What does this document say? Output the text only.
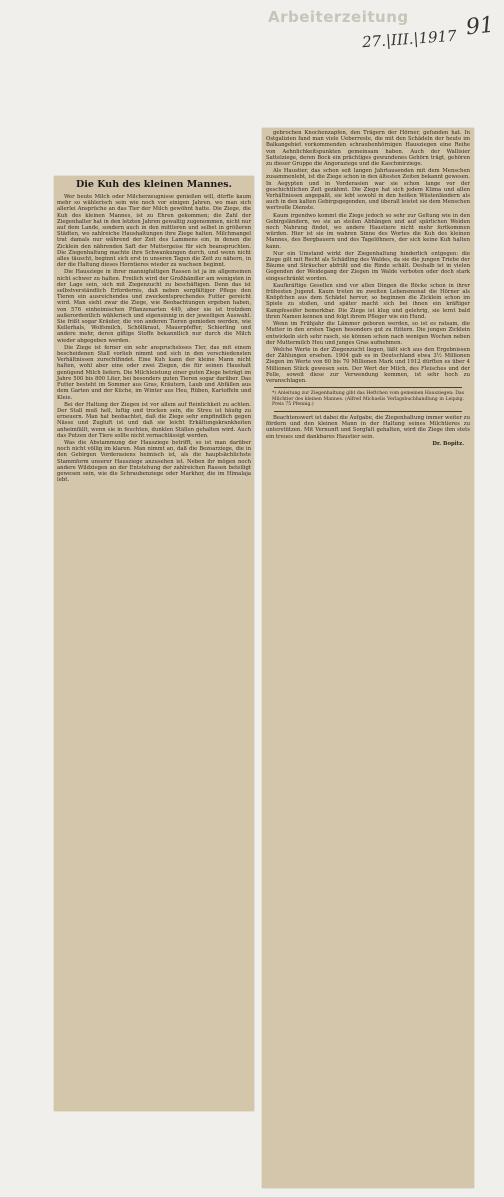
Arbeiterzeitung
27.|III.|1917 91
Die Kuh des kleinen Mannes.

Wer heute Milch oder Milcherzeugnisse genießen will, dürfte kaum mehr so wählerisch sein wie noch vor einigen Jahren, wo man sich allerlei Ansprüche an das Tier der Milch gewöhnt hatte. Die Ziege, die Kuh des kleinen Mannes, ist zu Ehren gekommen; die Zahl der Ziegenhalter hat in den letzten Jahren gewaltig zugenommen, nicht nur auf dem Lande, sondern auch in den mittleren und selbst in größeren Städten, wo zahlreiche Haushaltungen ihre Ziege halten. Milchmangel trat damals nur während der Zeit des Lammens ein, in denen die Zicklein den nährenden Saft der Muttergeise für sich beanspruchten. Die Ziegenhaltung machte ihre Schwankungen durch, und wenn nicht alles täuscht, beginnt sich erst in unseren Tagen die Zeit zu nähern, in der die Haltung dieses Horntieres wieder zu wachsen beginnt.

Die Hausziege in ihrer mannigfaltigen Rassen ist ja im allgemeinen nicht schwer zu halten. Freilich wird der Großhändler am wenigsten in der Lage sein, sich mit Ziegenzucht zu beschäftigen. Denn das ist selbstverständlich Erfordernis, daß neben sorgfältiger Pflege den Tieren ein ausreichendes und zweckentsprechendes Futter gereicht wird. Man sieht zwar die Ziege, wie Beobachtungen ergeben haben, von 576 einheimischen Pflanzenarten 449, aber sie ist trotzdem außerordentlich wählerisch und eigensinnig in der jeweiligen Auswahl. Sie frißt sogar Kräuter, die von anderen Tieren gemieden werden, wie Kellerhals, Wolfsmilch, Schöllkraut, Mauerpfeffer, Schierling und andere mehr, deren giftige Stoffe bekanntlich nur durch die Milch wieder abgegeben werden.

Die Ziege ist ferner ein sehr anspruchsloses Tier, das mit einem bescheidenen Stall vorlieb nimmt und sich in den verschiedensten Verhältnissen zurechtfindet. Eine Kuh kann der kleine Mann nicht halten, wohl aber eine oder zwei Ziegen, die für seinen Haushalt genügend Milch liefern. Die Milchleistung einer guten Ziege beträgt im Jahre 500 bis 800 Liter, bei besonders guten Tieren sogar darüber. Das Futter besteht im Sommer aus Gras, Kräutern, Laub und Abfällen aus dem Garten und der Küche, im Winter aus Heu, Rüben, Kartoffeln und Kleie.

Bei der Haltung der Ziegen ist vor allem auf Reinlichkeit zu achten. Der Stall muß hell, luftig und trocken sein, die Streu ist häufig zu erneuern. Man hat beobachtet, daß die Ziege sehr empfindlich gegen Nässe und Zugluft ist und daß sie leicht Erkältungskrankheiten anheimfällt, wenn sie in feuchten, dunklen Ställen gehalten wird. Auch das Putzen der Tiere sollte nicht vernachlässigt werden.

Was die Abstammung der Hausziege betrifft, so ist man darüber noch nicht völlig im klaren. Man nimmt an, daß die Bezoarziege, die in den Gebirgen Vorderasiens heimisch ist, als die hauptsächlichste Stammform unserer Hausziege anzusehen ist. Neben ihr mögen noch andere Wildziegen an der Entstehung der zahlreichen Rassen beteiligt gewesen sein, wie die Schraubenziege oder Markhor, die im Himalaja lebt.

gebrochen Knochenzapfen, den Trägern der Hörner, gefunden hat. In Ostgalizien fand man viele Ueberreste, die mit den Schädeln der heute im Balkangebiet vorkommenden schraubenhörnigen Hausziegen eine Reihe von Aehnlichkeitspunkten gemeinsam haben. Auch der Wallisier Sattelziege, deren Bock ein prächtiges gewundenes Gehörn trägt, gehören zu dieser Gruppe die Angoraziege und die Kaschmirziege.

Als Haustier, das schon seit langen Jahrtausenden mit dem Menschen zusammenlebt, ist die Ziege schon in den ältesten Zeiten bekannt gewesen. In Aegypten und in Vorderasien war sie schon lange vor der geschichtlichen Zeit gezähmt. Die Ziege hat sich jedem Klima und allen Verhältnissen angepaßt, sie lebt sowohl in den heißen Wüstenländern als auch in den kalten Gebirgsgegenden, und überall leistet sie dem Menschen wertvolle Dienste.

Kaum irgendwo kommt die Ziege jedoch so sehr zur Geltung wie in den Gebirgsländern, wo sie an steilen Abhängen und auf spärlichen Weiden noch Nahrung findet, wo andere Haustiere nicht mehr fortkommen würden. Hier ist sie im wahren Sinne des Wortes die Kuh des kleinen Mannes, des Bergbauern und des Tagelöhners, der sich keine Kuh halten kann.

Nur ein Umstand wirkt der Ziegenhaltung hinderlich entgegen: die Ziege gilt mit Recht als Schädling des Waldes, da sie die jungen Triebe der Bäume und Sträucher abfrißt und die Rinde schält. Deshalb ist in vielen Gegenden der Weidegang der Ziegen im Walde verboten oder doch stark eingeschränkt worden.

Kaufkräftige Gesellen sind vor allen Dingen die Böcke schon in ihrer frühesten Jugend. Kaum treten im zweiten Lebensmonat die Hörner als Knöpfchen aus dem Schädel hervor, so beginnen die Zicklein schon im Spiele zu stoßen, und später macht sich bei ihnen ein kräftiger Kampfeseifer bemerkbar. Die Ziege ist klug und gelehrig, sie lernt bald ihren Namen kennen und folgt ihrem Pfleger wie ein Hund.

Wenn im Frühjahr die Lämmer geboren werden, so ist es ratsam, die Mutter in den ersten Tagen besonders gut zu füttern. Die jungen Zicklein entwickeln sich sehr rasch, sie können schon nach wenigen Wochen neben der Muttermilch Heu und junges Gras aufnehmen.

Welche Werte in der Ziegenzucht liegen, läßt sich aus den Ergebnissen der Zählungen ersehen. 1904 gab es in Deutschland etwa 3½ Millionen Ziegen im Werte von 60 bis 70 Millionen Mark und 1912 dürften es über 4 Millionen Stück gewesen sein. Der Wert der Milch, des Fleisches und der Felle, soweit diese zur Verwendung kommen, ist sehr hoch zu veranschlagen.

*) Anleitung zur Ziegenhaltung gibt das Heftchen vom gemeinen Hausziegen: Das Milchtier des kleinen Mannes. (Alfred Michaelis Verlagsbuchhandlung in Leipzig. Preis 75 Pfennig.)

Beachtenswert ist dabei die Aufgabe, die Ziegenhaltung immer weiter zu fördern und den kleinen Mann in der Haltung seines Milchtieres zu unterstützen. Mit Vernunft und Sorgfalt gehalten, wird die Ziege ihm stets ein treues und dankbares Haustier sein.

Dr. Bopitz.
